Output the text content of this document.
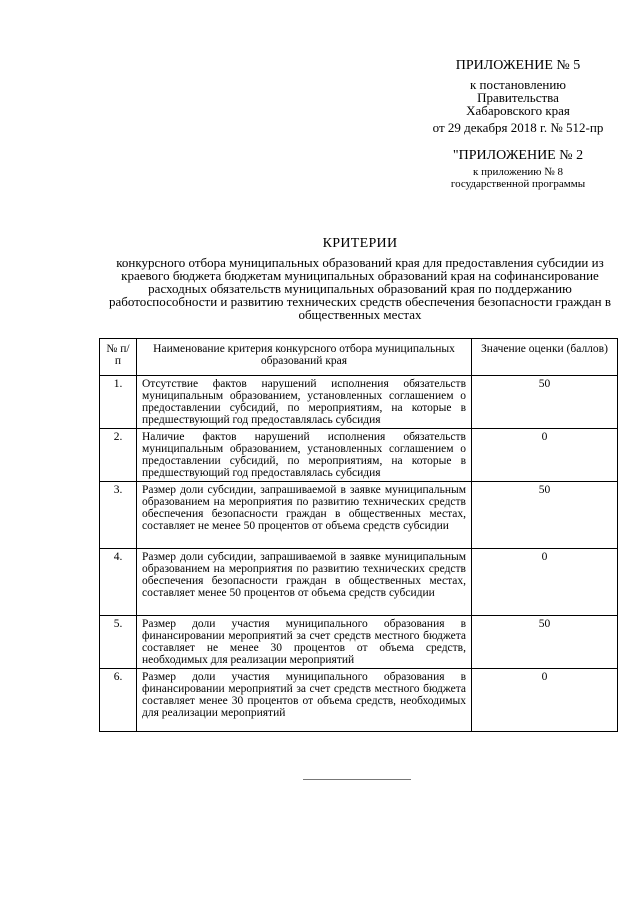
ПРИЛОЖЕНИЕ № 5
к постановлению
Правительства
Хабаровского края
от 29 декабря 2018 г. № 512-пр
"ПРИЛОЖЕНИЕ № 2
к приложению № 8
государственной программы
КРИТЕРИИ
конкурсного отбора муниципальных образований края для предоставления субсидии из краевого бюджета бюджетам муниципальных образований края на софинансирование расходных обязательств муниципальных образований края по поддержанию работоспособности и развитию технических средств обеспечения безопасности граждан в общественных местах
№ п/п	Наименование критерия конкурсного отбора муниципальных образований края	Значение оценки (баллов)
1.	Отсутствие фактов нарушений исполнения обязательств муниципальным образованием, установленных соглашением о предоставлении субсидий, по мероприятиям, на которые в предшествующий год предоставлялась субсидия	50
2.	Наличие фактов нарушений исполнения обязательств муниципальным образованием, установленных соглашением о предоставлении субсидий, по мероприятиям, на которые в предшествующий год предоставлялась субсидия	0
3.	Размер доли субсидии, запрашиваемой в заявке муниципальным образованием на мероприятия по развитию технических средств обеспечения безопасности граждан в общественных местах, составляет не менее 50 процентов от объема средств субсидии	50
4.	Размер доли субсидии, запрашиваемой в заявке муниципальным образованием на мероприятия по развитию технических средств обеспечения безопасности граждан в общественных местах, составляет менее 50 процентов от объема средств субсидии	0
5.	Размер доли участия муниципального образования в финансировании мероприятий за счет средств местного бюджета составляет не менее 30 процентов от объема средств, необходимых для реализации мероприятий	50
6.	Размер доли участия муниципального образования в финансировании мероприятий за счет средств местного бюджета составляет менее 30 процентов от объема средств, необходимых для реализации мероприятий	0
